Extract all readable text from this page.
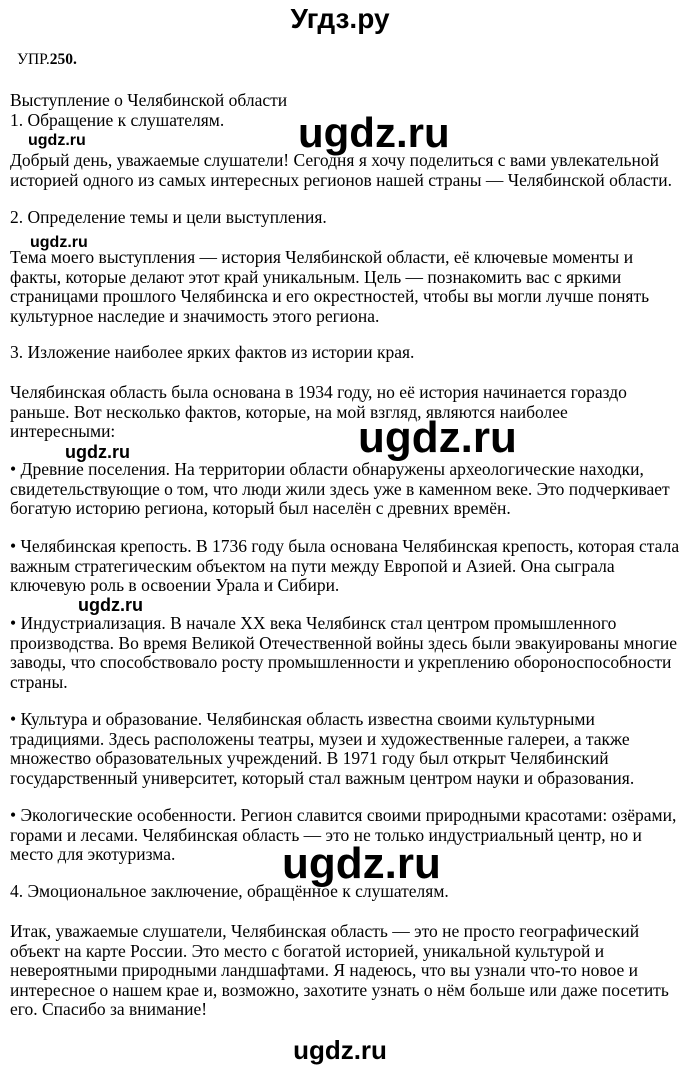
Угдз.ру
УПР.250.

Выступление о Челябинской области

1. Обращение к слушателям.

Добрый день, уважаемые слушатели! Сегодня я хочу поделиться с вами увлекательной

историей одного из самых интересных регионов нашей страны — Челябинской области.

2. Определение темы и цели выступления.

Тема моего выступления — история Челябинской области, её ключевые моменты и

факты, которые делают этот край уникальным. Цель — познакомить вас с яркими

страницами прошлого Челябинска и его окрестностей, чтобы вы могли лучше понять

культурное наследие и значимость этого региона.

3. Изложение наиболее ярких фактов из истории края.

Челябинская область была основана в 1934 году, но её история начинается гораздо

раньше. Вот несколько фактов, которые, на мой взгляд, являются наиболее

интересными:

• Древние поселения. На территории области обнаружены археологические находки,

свидетельствующие о том, что люди жили здесь уже в каменном веке. Это подчеркивает

богатую историю региона, который был населён с древних времён.

• Челябинская крепость. В 1736 году была основана Челябинская крепость, которая стала

важным стратегическим объектом на пути между Европой и Азией. Она сыграла

ключевую роль в освоении Урала и Сибири.

• Индустриализация. В начале XX века Челябинск стал центром промышленного

производства. Во время Великой Отечественной войны здесь были эвакуированы многие

заводы, что способствовало росту промышленности и укреплению обороноспособности

страны.

• Культура и образование. Челябинская область известна своими культурными

традициями. Здесь расположены театры, музеи и художественные галереи, а также

множество образовательных учреждений. В 1971 году был открыт Челябинский

государственный университет, который стал важным центром науки и образования.

• Экологические особенности. Регион славится своими природными красотами: озёрами,

горами и лесами. Челябинская область — это не только индустриальный центр, но и

место для экотуризма.

4. Эмоциональное заключение, обращённое к слушателям.

Итак, уважаемые слушатели, Челябинская область — это не просто географический

объект на карте России. Это место с богатой историей, уникальной культурой и

невероятными природными ландшафтами. Я надеюсь, что вы узнали что-то новое и

интересное о нашем крае и, возможно, захотите узнать о нём больше или даже посетить

его. Спасибо за внимание!

ugdz.ru
ugdz.ru
ugdz.ru
ugdz.ru
ugdz.ru
ugdz.ru
ugdz.ru
ugdz.ru
